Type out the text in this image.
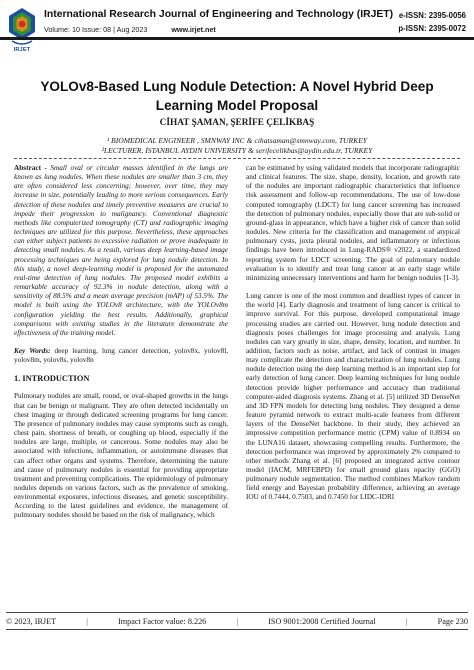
IRJET
International Research Journal of Engineering and Technology (IRJET)
Volume: 10 Issue: 08 | Aug 2023	www.irjet.net
e-ISSN: 2395-0056
p-ISSN: 2395-0072
YOLOv8-Based Lung Nodule Detection: A Novel Hybrid Deep Learning Model Proposal
CİHAT ŞAMAN, ŞERİFE ÇELİKBAŞ
¹ BIOMEDICAL ENGINEER , SMNWAY INC & cihatsaman@smnway.com, TURKEY
²LECTURER, İSTANBUL AYDIN UNIVERSITY & serifecelikbas@aydin.edu.tr, TURKEY

Abstract - Small oval or circular masses identified in the lungs are known as lung nodules. When these nodules are smaller than 3 cm, they are often considered less concerning; however, over time, they may increase in size, potentially leading to more serious consequences. Early detection of these nodules and timely preventive measures are crucial to impede their progression to malignancy. Conventional diagnostic methods like computerized tomography (CT) and radiographic imaging techniques are utilized for this purpose. Nevertheless, these approaches can either subject patients to excessive radiation or prove inadequate in detecting small nodules. As a result, various deep learning-based image processing techniques are being explored for lung nodule detection. In this study, a novel deep-learning model is proposed for the automated real-time detection of lung nodules. The proposed model exhibits a remarkable accuracy of 92.3% in nodule detection, along with a sensitivity of 88.5% and a mean average precision (mAP) of 53.5%. The model is built using the YOLOv8 architecture, with the YOLOv8m configuration yielding the best results. Additionally, graphical comparisons with existing studies in the literature demonstrate the effectiveness of the training model.

Key Words: deep learning, lung cancer detection, yolov8x, yolov8l, yolov8m, yolov8s, yolov8n

1. INTRODUCTION

Pulmonary nodules are small, round, or oval-shaped growths in the lungs that can be benign or malignant. They are often detected incidentally on chest imaging or through dedicated screening programs for lung cancer. The presence of pulmonary nodules may cause symptoms such as cough, chest pain, shortness of breath, or coughing up blood, especially if the nodules are large, multiple, or cancerous. Some nodules may also be associated with infections, inflammation, or autoimmune diseases that can affect other organs and systems. Therefore, determining the nature and cause of pulmonary nodules is essential for providing appropriate treatment and preventing complications. The epidemiology of pulmonary nodules depends on various factors, such as the prevalence of smoking, environmental exposures, infectious diseases, and genetic susceptibility. According to the latest guidelines and evidence, the management of pulmonary nodules should be based on the risk of malignancy, which

can be estimated by using validated models that incorporate radiographic and clinical features. The size, shape, density, location, and growth rate of the nodules are important radiographic characteristics that influence risk assessment and follow-up recommendations. The use of low-dose computed tomography (LDCT) for lung cancer screening has increased the detection of pulmonary nodules, especially those that are sub-solid or ground-glass in appearance, which have a higher risk of cancer than solid nodules. New criteria for the classification and management of atypical pulmonary cysts, juxta pleural nodules, and inflammatory or infectious findings have been introduced in Lung-RADS® v2022, a standardized reporting system for LDCT screening. The goal of pulmonary nodule evaluation is to identify and treat lung cancer at an early stage while minimizing unnecessary interventions and harm for benign nodules [1-3].

Lung cancer is one of the most common and deadliest types of cancer in the world [4]. Early diagnosis and treatment of lung cancer is critical to improve survival. For this purpose, developed computational image processing studies are carried out. However, lung nodule detection and diagnosis poses challenges for image processing and analysis. Lung nodules can vary greatly in size, shape, density, location, and number. In addition, factors such as noise, artifact, and lack of contrast in images may complicate the detection and characterization of lung nodules. Lung nodule detection using the deep learning method is an important step for early detection of lung cancer. Deep learning techniques for lung nodule detection provide higher performance and accuracy than traditional computer-aided diagnosis systems. Zhang et al. [5] utilized 3D DenseNet and 3D FPN models for detecting lung nodules. They designed a dense feature pyramid network to extract multi-scale features from different layers of the DenseNet backbone. In their study, they achieved an impressive competition performance metric (CPM) value of 0.8934 on the LUNA16 dataset, showcasing compelling results. Furthermore, the detection performance was improved by approximately 2% compared to other methods Zhang et al. [6] proposed an integrated active contour model (IACM, MRFEBPD) for small ground glass opacity (GGO) pulmonary nodule segmentation. The method combines Markov random field energy and Bayesian probability difference, achieving an average IOU of 0.7444, 0.7503, and 0.7450 for LIDC-IDRI

© 2023, IRJET	|	Impact Factor value: 8.226	|	ISO 9001:2008 Certified Journal	|	Page 230
